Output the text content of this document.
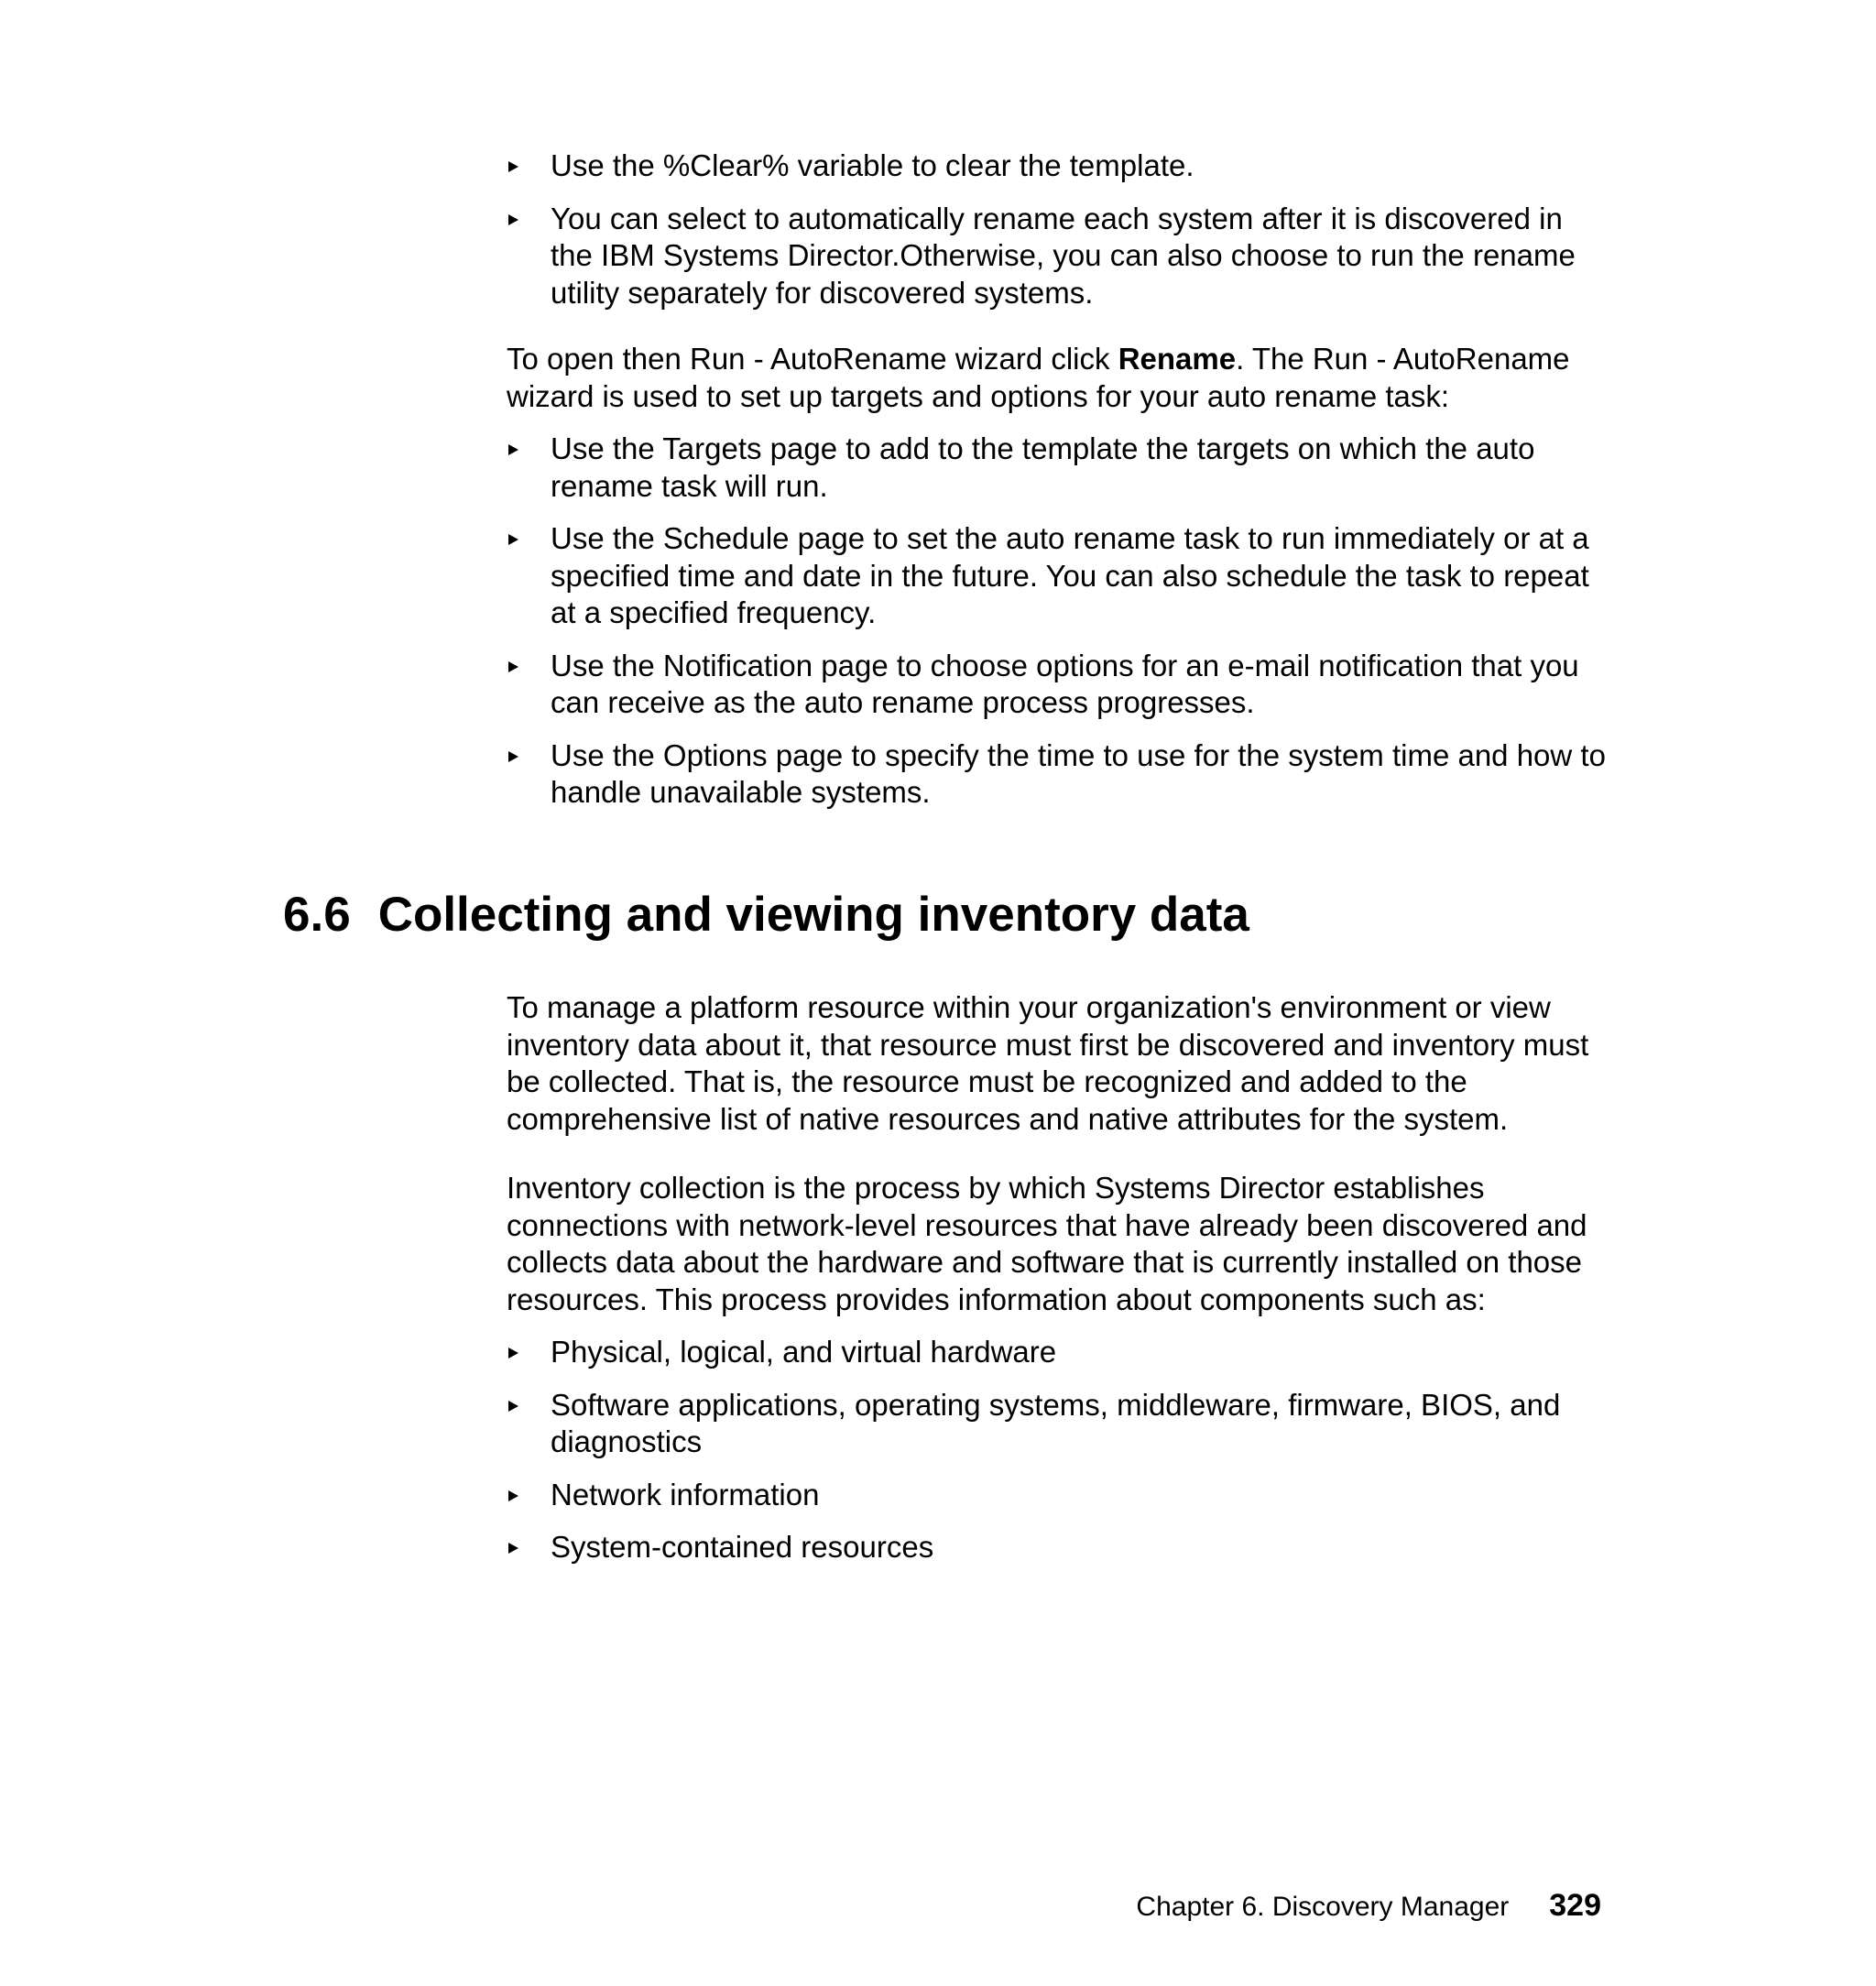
Use the %Clear% variable to clear the template.
You can select to automatically rename each system after it is discovered in the IBM Systems Director.Otherwise, you can also choose to run the rename utility separately for discovered systems.

To open then Run - AutoRename wizard click Rename. The Run - AutoRename wizard is used to set up targets and options for your auto rename task:

Use the Targets page to add to the template the targets on which the auto rename task will run.
Use the Schedule page to set the auto rename task to run immediately or at a specified time and date in the future. You can also schedule the task to repeat at a specified frequency.
Use the Notification page to choose options for an e-mail notification that you can receive as the auto rename process progresses.
Use the Options page to specify the time to use for the system time and how to handle unavailable systems.
6.6 Collecting and viewing inventory data

To manage a platform resource within your organization's environment or view inventory data about it, that resource must first be discovered and inventory must be collected. That is, the resource must be recognized and added to the comprehensive list of native resources and native attributes for the system.

Inventory collection is the process by which Systems Director establishes connections with network-level resources that have already been discovered and collects data about the hardware and software that is currently installed on those resources. This process provides information about components such as:

Physical, logical, and virtual hardware
Software applications, operating systems, middleware, firmware, BIOS, and diagnostics
Network information
System-contained resources
Chapter 6. Discovery Manager 329
